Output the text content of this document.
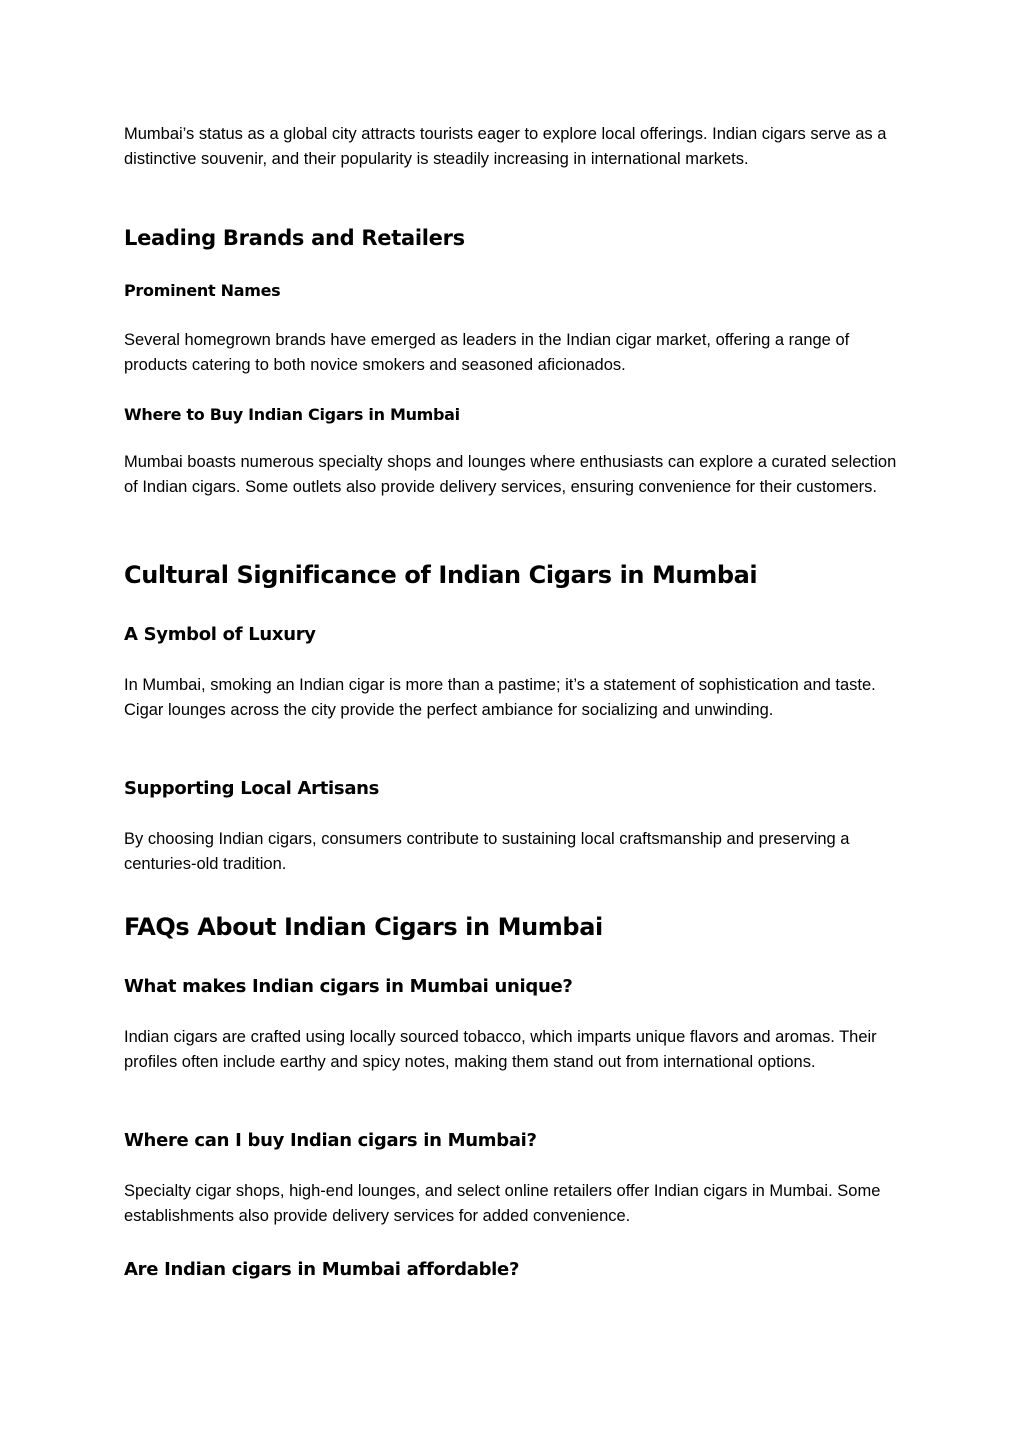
Mumbai’s status as a global city attracts tourists eager to explore local offerings. Indian cigars serve as a distinctive souvenir, and their popularity is steadily increasing in international markets.

Leading Brands and Retailers
Prominent Names

Several homegrown brands have emerged as leaders in the Indian cigar market, offering a range of products catering to both novice smokers and seasoned aficionados.

Where to Buy Indian Cigars in Mumbai

Mumbai boasts numerous specialty shops and lounges where enthusiasts can explore a curated selection of Indian cigars. Some outlets also provide delivery services, ensuring convenience for their customers.

Cultural Significance of Indian Cigars in Mumbai
A Symbol of Luxury

In Mumbai, smoking an Indian cigar is more than a pastime; it’s a statement of sophistication and taste. Cigar lounges across the city provide the perfect ambiance for socializing and unwinding.

Supporting Local Artisans

By choosing Indian cigars, consumers contribute to sustaining local craftsmanship and preserving a centuries-old tradition.

FAQs About Indian Cigars in Mumbai
What makes Indian cigars in Mumbai unique?

Indian cigars are crafted using locally sourced tobacco, which imparts unique flavors and aromas. Their profiles often include earthy and spicy notes, making them stand out from international options.

Where can I buy Indian cigars in Mumbai?

Specialty cigar shops, high-end lounges, and select online retailers offer Indian cigars in Mumbai. Some establishments also provide delivery services for added convenience.

Are Indian cigars in Mumbai affordable?
